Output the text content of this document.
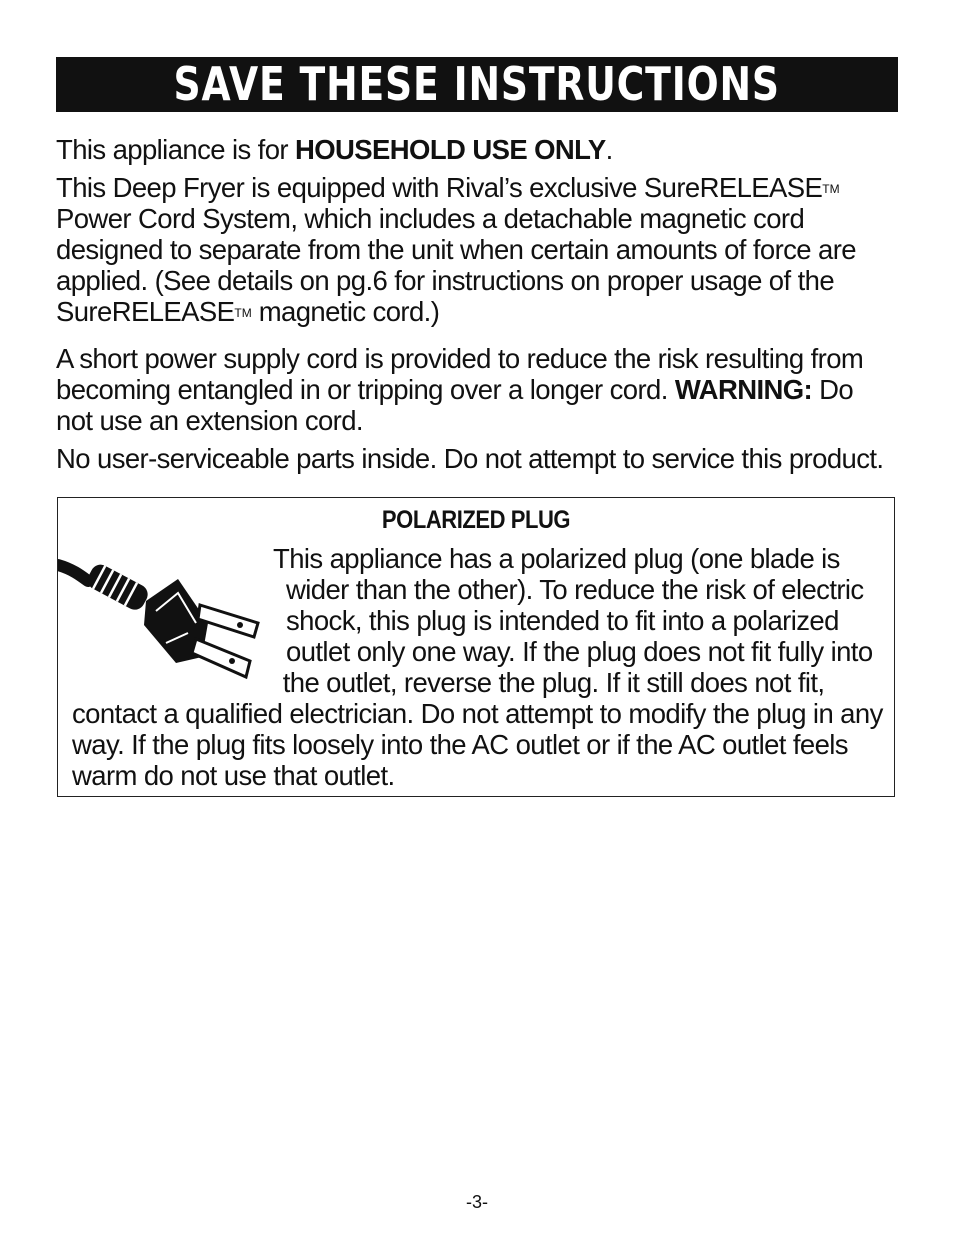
SAVE THESE INSTRUCTIONS
This appliance is for HOUSEHOLD USE ONLY.
This Deep Fryer is equipped with Rival’s exclusive SureRELEASE™ Power Cord System, which includes a detachable magnetic cord designed to separate from the unit when certain amounts of force are applied. (See details on pg.6 for instructions on proper usage of the SureRELEASE™ magnetic cord.)
A short power supply cord is provided to reduce the risk resulting from becoming entangled in or tripping over a longer cord. WARNING: Do not use an extension cord.
No user-serviceable parts inside. Do not attempt to service this product.
POLARIZED PLUG
This appliance has a polarized plug (one blade is wider than the other). To reduce the risk of electric shock, this plug is intended to fit into a polarized outlet only one way. If the plug does not fit fully into the outlet, reverse the plug. If it still does not fit, contact a qualified electrician. Do not attempt to modify the plug in any way. If the plug fits loosely into the AC outlet or if the AC outlet feels warm do not use that outlet.
-3-
